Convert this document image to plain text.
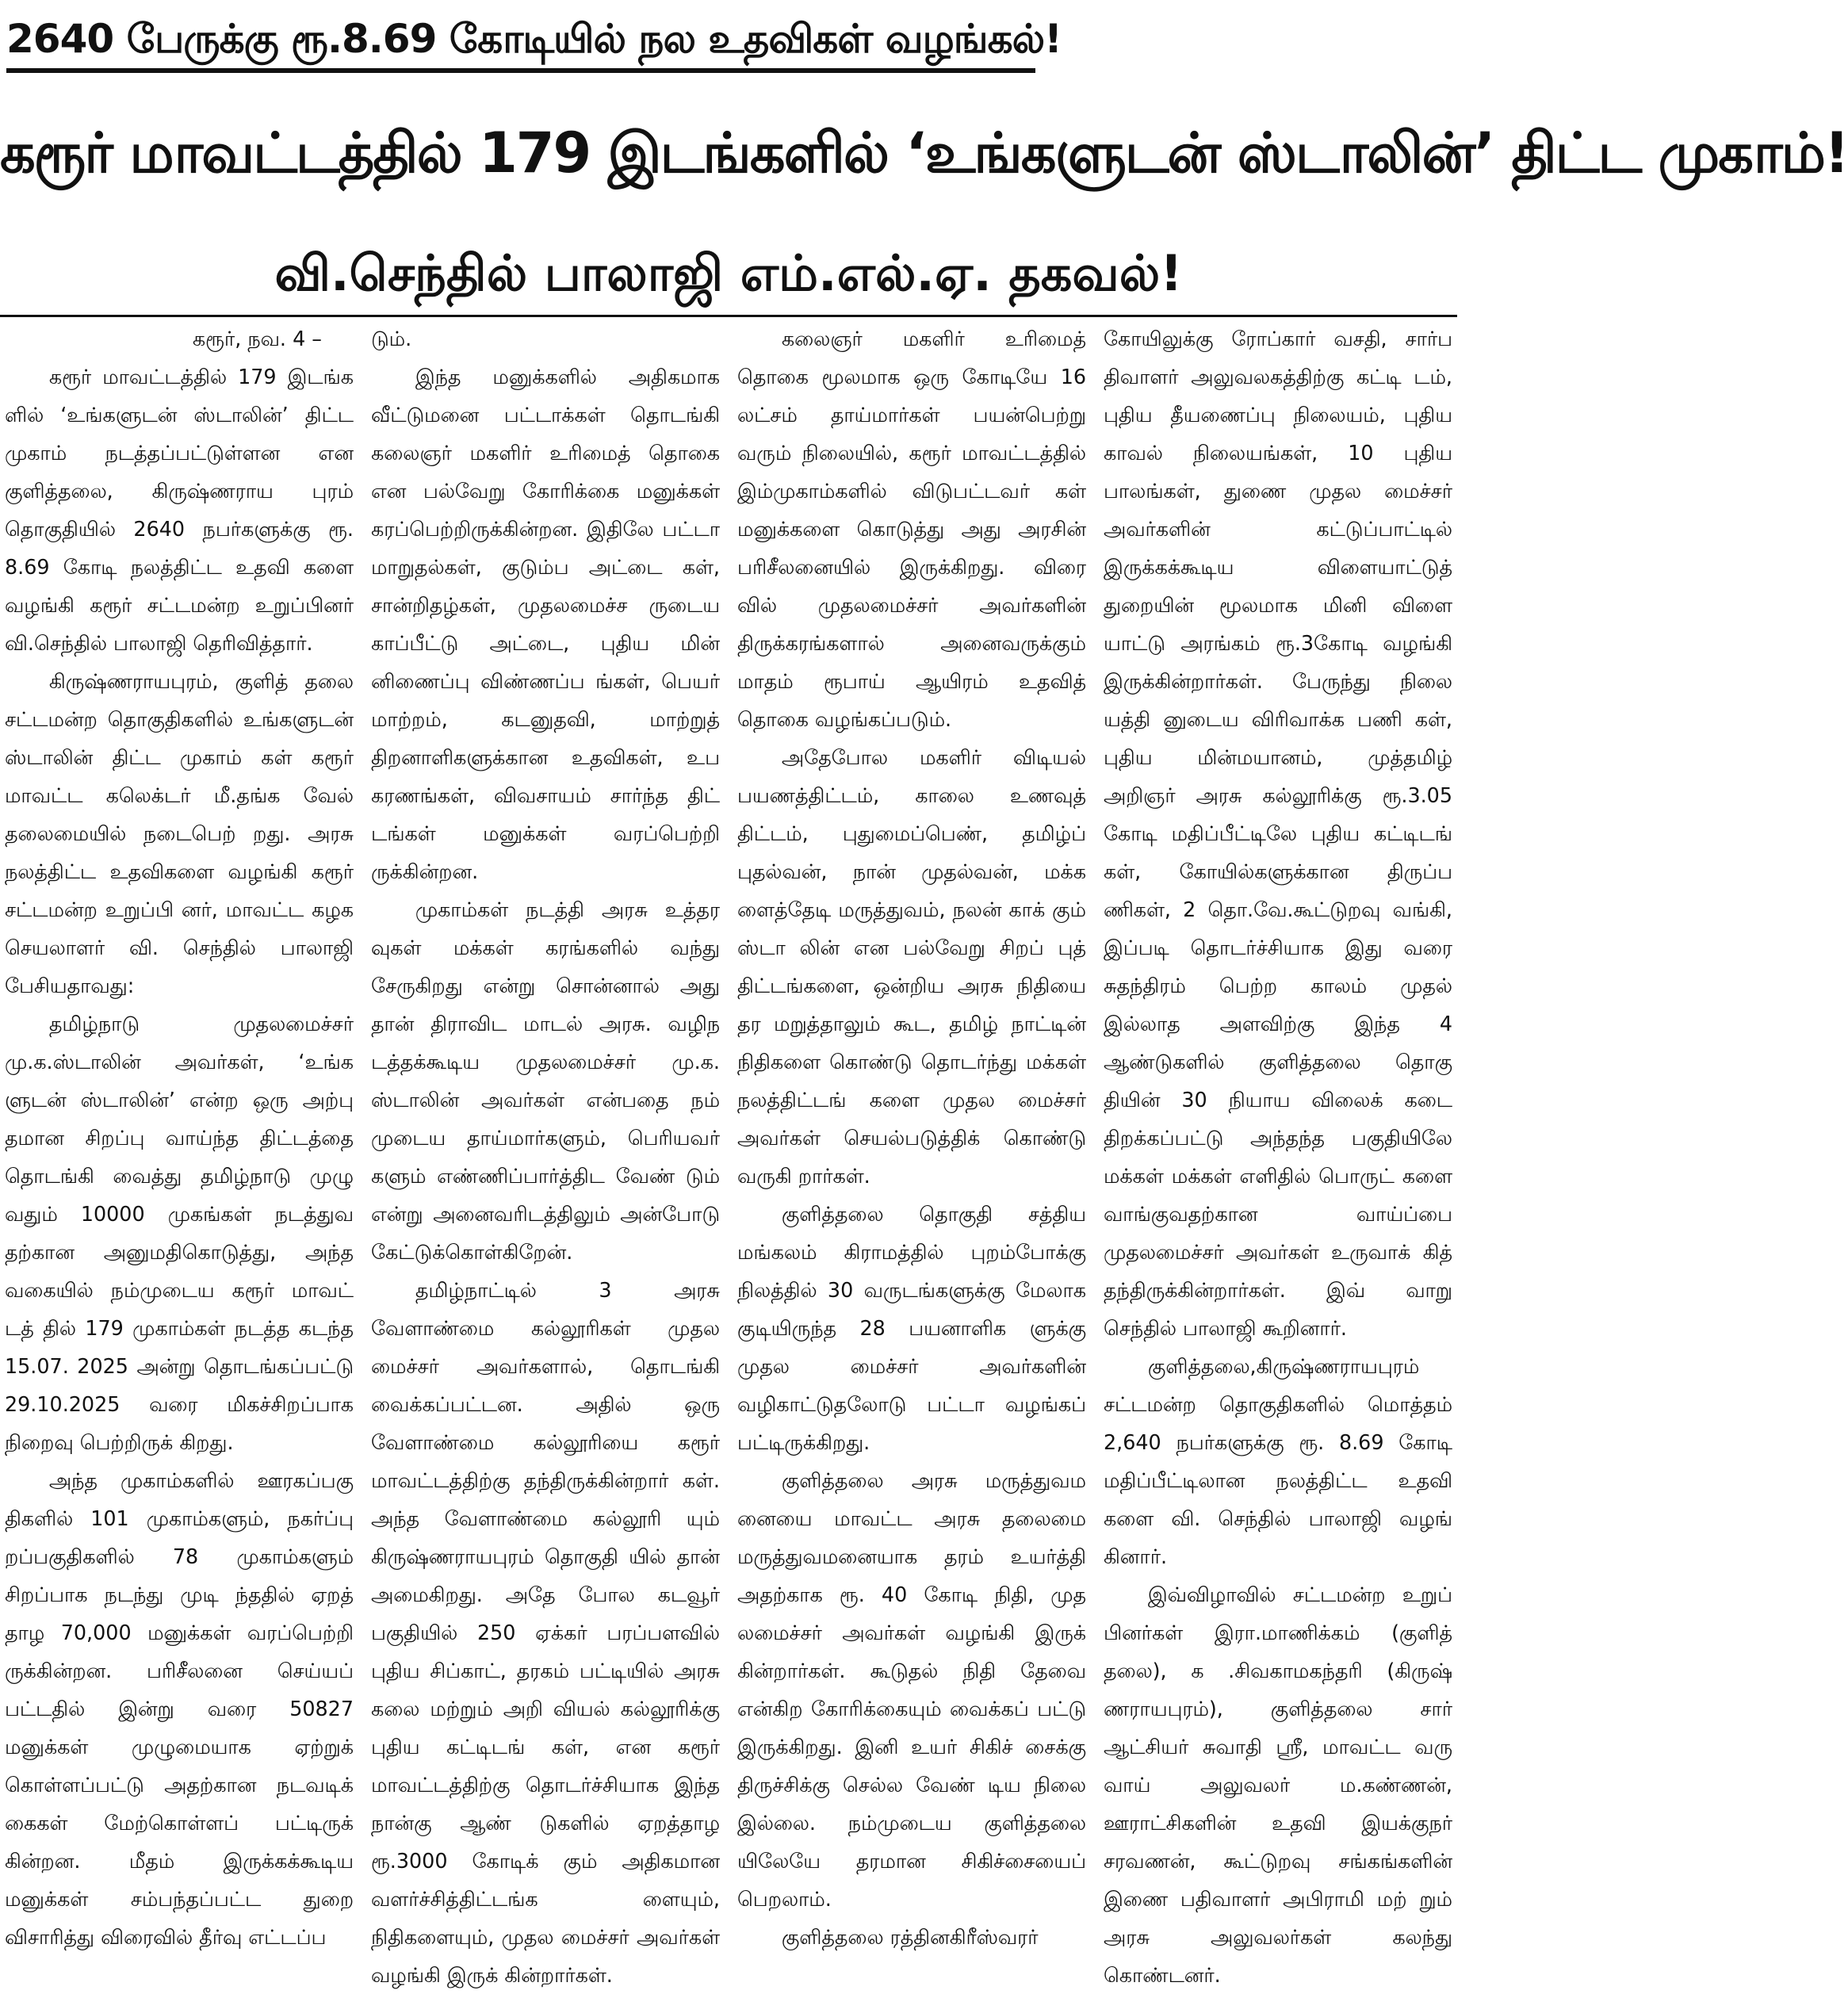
2640 பேருக்கு ரூ.8.69 கோடியில் நல உதவிகள் வழங்கல்!
கரூர் மாவட்டத்தில் 179 இடங்களில் ‘உங்களுடன் ஸ்டாலின்’ திட்ட முகாம்!
வி.செந்தில் பாலாஜி எம்.எல்.ஏ. தகவல்!

கரூர், நவ. 4 –

கரூர் மாவட்டத்தில் 179 இடங்க ளில் ‘உங்களுடன் ஸ்டாலின்’ திட்ட முகாம் நடத்தப்பட்டுள்ளன என குளித்தலை, கிருஷ்ணராய புரம் தொகுதியில் 2640 நபர்களுக்கு ரூ. 8.69 கோடி நலத்திட்ட உதவி களை வழங்கி கரூர் சட்டமன்ற உறுப்பினர் வி.செந்தில் பாலாஜி தெரிவித்தார்.

கிருஷ்ணராயபுரம், குளித் தலை சட்டமன்ற தொகுதிகளில் உங்களுடன் ஸ்டாலின் திட்ட முகாம் கள் கரூர் மாவட்ட கலெக்டர் மீ.தங்க வேல் தலைமையில் நடைபெற் றது. அரசு நலத்திட்ட உதவிகளை வழங்கி கரூர் சட்டமன்ற உறுப்பி னர், மாவட்ட கழக செயலாளர் வி. செந்தில் பாலாஜி பேசியதாவது:

தமிழ்நாடு முதலமைச்சர் மு.க.ஸ்டாலின் அவர்கள், ‘உங்க ளுடன் ஸ்டாலின்’ என்ற ஒரு அற்பு தமான சிறப்பு வாய்ந்த திட்டத்தை தொடங்கி வைத்து தமிழ்நாடு முழு வதும் 10000 முகங்கள் நடத்துவ தற்கான அனுமதிகொடுத்து, அந்த வகையில் நம்முடைய கரூர் மாவட் டத் தில் 179 முகாம்கள் நடத்த கடந்த 15.07. 2025 அன்று தொடங்கப்பட்டு 29.10.2025 வரை மிகச்சிறப்பாக நிறைவு பெற்றிருக் கிறது.

அந்த முகாம்களில் ஊரகப்பகு திகளில் 101 முகாம்களும், நகர்ப்பு றப்பகுதிகளில் 78 முகாம்களும் சிறப்பாக நடந்து முடி ந்ததில் ஏறத் தாழ 70,000 மனுக்கள் வரப்பெற்றி ருக்கின்றன. பரிசீலனை செய்யப் பட்டதில் இன்று வரை 50827 மனுக்கள் முழுமையாக ஏற்றுக் கொள்ளப்பட்டு அதற்கான நடவடிக் கைகள் மேற்கொள்ளப் பட்டிருக் கின்றன. மீதம் இருக்கக்கூடிய மனுக்கள் சம்பந்தப்பட்ட துறை விசாரித்து விரைவில் தீர்வு எட்டப்ப

டும்.

இந்த மனுக்களில் அதிகமாக வீட்டுமனை பட்டாக்கள் தொடங்கி கலைஞர் மகளிர் உரிமைத் தொகை என பல்வேறு கோரிக்கை மனுக்கள் கரப்பெற்றிருக்கின்றன. இதிலே பட்டா மாறுதல்கள், குடும்ப அட்டை கள், சான்றிதழ்கள், முதலமைச்ச ருடைய காப்பீட்டு அட்டை, புதிய மின் னிணைப்பு விண்ணப்ப ங்கள், பெயர் மாற்றம், கடனுதவி, மாற்றுத் திறனாளிகளுக்கான உதவிகள், உப கரணங்கள், விவசாயம் சார்ந்த திட் டங்கள் மனுக்கள் வரப்பெற்றி ருக்கின்றன.

முகாம்கள் நடத்தி அரசு உத்தர வுகள் மக்கள் கரங்களில் வந்து சேருகிறது என்று சொன்னால் அது தான் திராவிட மாடல் அரசு. வழிந டத்தக்கூடிய முதலமைச்சர் மு.க. ஸ்டாலின் அவர்கள் என்பதை நம் முடைய தாய்மார்களும், பெரியவர் களும் எண்ணிப்பார்த்திட வேண் டும் என்று அனைவரிடத்திலும் அன்போடு கேட்டுக்கொள்கிறேன்.

தமிழ்நாட்டில் 3 அரசு வேளாண்மை கல்லூரிகள் முதல மைச்சர் அவர்களால், தொடங்கி வைக்கப்பட்டன. அதில் ஒரு வேளாண்மை கல்லூரியை கரூர் மாவட்டத்திற்கு தந்திருக்கின்றார் கள். அந்த வேளாண்மை கல்லூரி யும் கிருஷ்ணராயபுரம் தொகுதி யில் தான் அமைகிறது. அதே போல கடவூர் பகுதியில் 250 ஏக்கர் பரப்பளவில் புதிய சிப்காட், தரகம் பட்டியில் அரசு கலை மற்றும் அறி வியல் கல்லூரிக்கு புதிய கட்டிடங் கள், என கரூர் மாவட்டத்திற்கு தொடர்ச்சியாக இந்த நான்கு ஆண் டுகளில் ஏறத்தாழ ரூ.3000 கோடிக் கும் அதிகமான வளர்ச்சித்திட்டங்க ளையும், நிதிகளையும், முதல மைச்சர் அவர்கள் வழங்கி இருக் கின்றார்கள்.

கலைஞர் மகளிர் உரிமைத் தொகை மூலமாக ஒரு கோடியே 16 லட்சம் தாய்மார்கள் பயன்பெற்று வரும் நிலையில், கரூர் மாவட்டத்தில் இம்முகாம்களில் விடுபட்டவர் கள் மனுக்களை கொடுத்து அது அரசின் பரிசீலனையில் இருக்கிறது. விரை வில் முதலமைச்சர் அவர்களின் திருக்கரங்களால் அனைவருக்கும் மாதம் ரூபாய் ஆயிரம் உதவித் தொகை வழங்கப்படும்.

அதேபோல மகளிர் விடியல் பயணத்திட்டம், காலை உணவுத் திட்டம், புதுமைப்பெண், தமிழ்ப் புதல்வன், நான் முதல்வன், மக்க ளைத்தேடி மருத்துவம், நலன் காக் கும் ஸ்டா லின் என பல்வேறு சிறப் புத் திட்டங்களை, ஒன்றிய அரசு நிதியை தர மறுத்தாலும் கூட, தமிழ் நாட்டின் நிதிகளை கொண்டு தொடர்ந்து மக்கள் நலத்திட்டங் களை முதல மைச்சர் அவர்கள் செயல்படுத்திக் கொண்டு வருகி றார்கள்.

குளித்தலை தொகுதி சத்திய மங்கலம் கிராமத்தில் புறம்போக்கு நிலத்தில் 30 வருடங்களுக்கு மேலாக குடியிருந்த 28 பயனாளிக ளுக்கு முதல மைச்சர் அவர்களின் வழிகாட்டுதலோடு பட்டா வழங்கப் பட்டிருக்கிறது.

குளித்தலை அரசு மருத்துவம னையை மாவட்ட அரசு தலைமை மருத்துவமனையாக தரம் உயர்த்தி அதற்காக ரூ. 40 கோடி நிதி, முத லமைச்சர் அவர்கள் வழங்கி இருக் கின்றார்கள். கூடுதல் நிதி தேவை என்கிற கோரிக்கையும் வைக்கப் பட்டு இருக்கிறது. இனி உயர் சிகிச் சைக்கு திருச்சிக்கு செல்ல வேண் டிய நிலை இல்லை. நம்முடைய குளித்தலை யிலேயே தரமான சிகிச்சையைப் பெறலாம்.

குளித்தலை ரத்தினகிரீஸ்வரர்

கோயிலுக்கு ரோப்கார் வசதி, சார்ப திவாளர் அலுவலகத்திற்கு கட்டி டம், புதிய தீயணைப்பு நிலையம், புதிய காவல் நிலையங்கள், 10 புதிய பாலங்கள், துணை முதல மைச்சர் அவர்களின் கட்டுப்பாட்டில் இருக்கக்கூடிய விளையாட்டுத் துறையின் மூலமாக மினி விளை யாட்டு அரங்கம் ரூ.3கோடி வழங்கி இருக்கின்றார்கள். பேருந்து நிலை யத்தி னுடைய விரிவாக்க பணி கள், புதிய மின்மயானம், முத்தமிழ் அறிஞர் அரசு கல்லூரிக்கு ரூ.3.05 கோடி மதிப்பீட்டிலே புதிய கட்டிடங் கள், கோயில்களுக்கான திருப்ப ணிகள், 2 தொ.வே.கூட்டுறவு வங்கி, இப்படி தொடர்ச்சியாக இது வரை சுதந்திரம் பெற்ற காலம் முதல் இல்லாத அளவிற்கு இந்த 4 ஆண்டுகளில் குளித்தலை தொகு தியின் 30 நியாய விலைக் கடை திறக்கப்பட்டு அந்தந்த பகுதியிலே மக்கள் மக்கள் எளிதில் பொருட் களை வாங்குவதற்கான வாய்ப்பை முதலமைச்சர் அவர்கள் உருவாக் கித் தந்திருக்கின்றார்கள். இவ் வாறு செந்தில் பாலாஜி கூறினார்.

குளித்தலை,கிருஷ்ணராயபுரம் சட்டமன்ற தொகுதிகளில் மொத்தம் 2,640 நபர்களுக்கு ரூ. 8.69 கோடி மதிப்பீட்டிலான நலத்திட்ட உதவி களை வி. செந்தில் பாலாஜி வழங் கினார்.

இவ்விழாவில் சட்டமன்ற உறுப் பினர்கள் இரா.மாணிக்கம் (குளித் தலை), க .சிவகாமகந்தரி (கிருஷ் ணராயபுரம்), குளித்தலை சார் ஆட்சியர் சுவாதி ஸ்ரீ, மாவட்ட வரு வாய் அலுவலர் ம.கண்ணன், ஊராட்சிகளின் உதவி இயக்குநர் சரவணன், கூட்டுறவு சங்கங்களின் இணை பதிவாளர் அபிராமி மற் றும் அரசு அலுவலர்கள் கலந்து கொண்டனர்.
